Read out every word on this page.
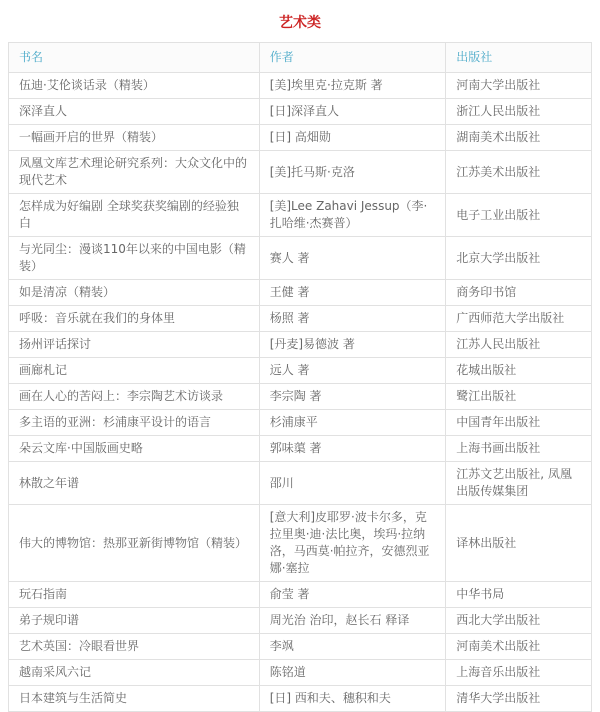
艺术类
书名	作者	出版社
伍迪·艾伦谈话录（精装）	[美]埃里克·拉克斯 著	河南大学出版社
深泽直人	[日]深泽直人	浙江人民出版社
一幅画开启的世界（精装）	[日] 高畑勋	湖南美术出版社
凤凰文库艺术理论研究系列：大众文化中的现代艺术	[美]托马斯·克洛	江苏美术出版社
怎样成为好编剧 全球奖获奖编剧的经验独白	[美]Lee Zahavi Jessup（李·扎哈维·杰赛普）	电子工业出版社
与光同尘：漫谈110年以来的中国电影（精装）	赛人 著	北京大学出版社
如是清凉（精装）	王健 著	商务印书馆
呼吸：音乐就在我们的身体里	杨照 著	广西师范大学出版社
扬州评话探讨	[丹麦]易德波 著	江苏人民出版社
画廊札记	远人 著	花城出版社
画在人心的苦闷上：李宗陶艺术访谈录	李宗陶 著	鹭江出版社
多主语的亚洲：杉浦康平设计的语言	杉浦康平	中国青年出版社
朵云文库·中国版画史略	郭味蕖 著	上海书画出版社
林散之年谱	邵川	江苏文艺出版社, 凤凰出版传媒集团
伟大的博物馆：热那亚新街博物馆（精装）	[意大利]皮耶罗·波卡尔多，克拉里奥·迪·法比奥，埃玛·拉纳洛，马西莫·帕拉齐，安德烈亚娜·塞拉	译林出版社
玩石指南	俞莹 著	中华书局
弟子规印谱	周光治 治印，赵长石 释译	西北大学出版社
艺术英国：冷眼看世界	李飒	河南美术出版社
越南采风六记	陈铭道	上海音乐出版社
日本建筑与生活简史	[日] 西和夫、穗积和夫	清华大学出版社
